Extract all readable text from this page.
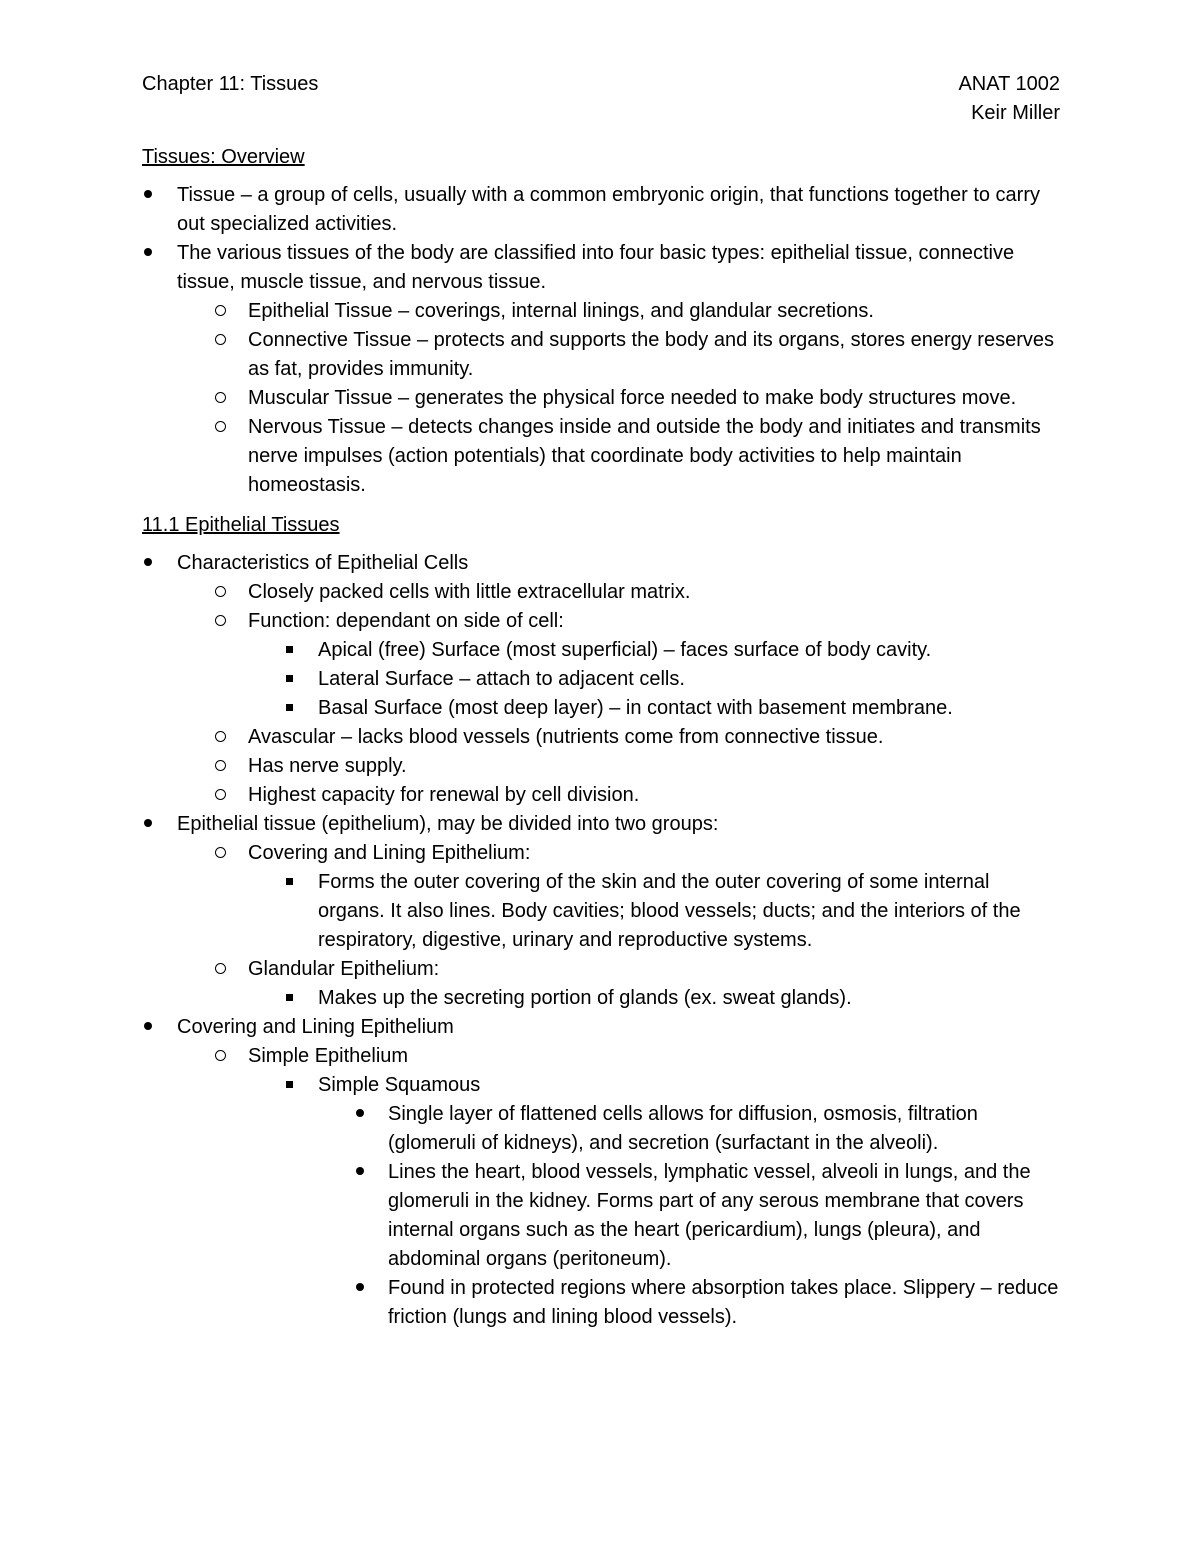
Chapter 11: Tissues	ANAT 1002
Keir Miller
Tissues: Overview
Tissue – a group of cells, usually with a common embryonic origin, that functions together to carry out specialized activities.
The various tissues of the body are classified into four basic types: epithelial tissue, connective tissue, muscle tissue, and nervous tissue.
Epithelial Tissue – coverings, internal linings, and glandular secretions.
Connective Tissue – protects and supports the body and its organs, stores energy reserves as fat, provides immunity.
Muscular Tissue – generates the physical force needed to make body structures move.
Nervous Tissue – detects changes inside and outside the body and initiates and transmits nerve impulses (action potentials) that coordinate body activities to help maintain homeostasis.
11.1 Epithelial Tissues
Characteristics of Epithelial Cells
Closely packed cells with little extracellular matrix.
Function: dependant on side of cell:
Apical (free) Surface (most superficial) – faces surface of body cavity.
Lateral Surface – attach to adjacent cells.
Basal Surface (most deep layer) – in contact with basement membrane.
Avascular – lacks blood vessels (nutrients come from connective tissue.
Has nerve supply.
Highest capacity for renewal by cell division.
Epithelial tissue (epithelium), may be divided into two groups:
Covering and Lining Epithelium:
Forms the outer covering of the skin and the outer covering of some internal organs. It also lines. Body cavities; blood vessels; ducts; and the interiors of the respiratory, digestive, urinary and reproductive systems.
Glandular Epithelium:
Makes up the secreting portion of glands (ex. sweat glands).
Covering and Lining Epithelium
Simple Epithelium
Simple Squamous
Single layer of flattened cells allows for diffusion, osmosis, filtration (glomeruli of kidneys), and secretion (surfactant in the alveoli).
Lines the heart, blood vessels, lymphatic vessel, alveoli in lungs, and the glomeruli in the kidney. Forms part of any serous membrane that covers internal organs such as the heart (pericardium), lungs (pleura), and abdominal organs (peritoneum).
Found in protected regions where absorption takes place. Slippery – reduce friction (lungs and lining blood vessels).
